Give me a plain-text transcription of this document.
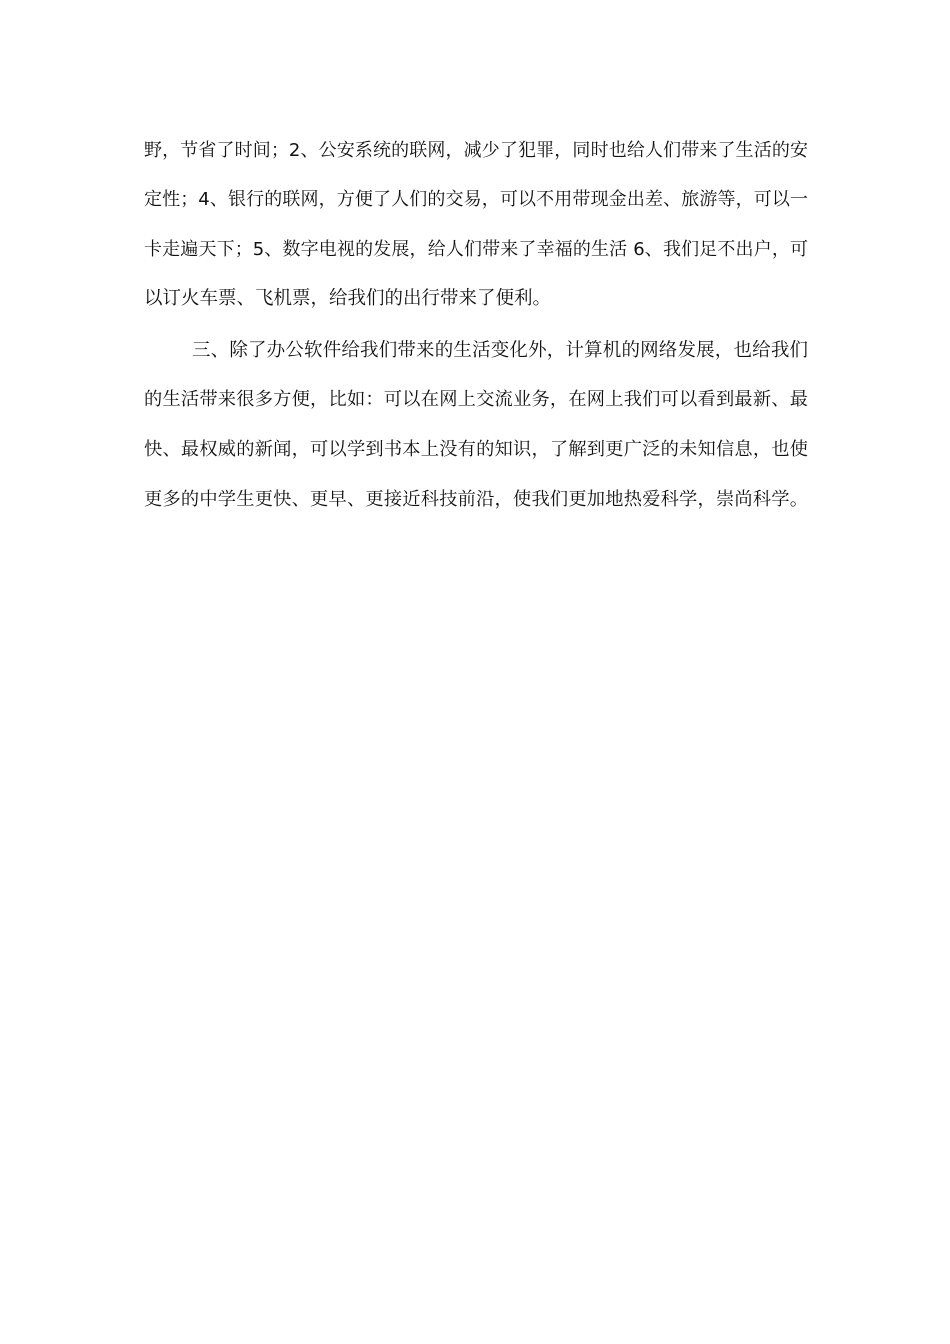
野，节省了时间；2、公安系统的联网，减少了犯罪，同时也给人们带来了生活的安
定性；4、银行的联网，方便了人们的交易，可以不用带现金出差、旅游等，可以一
卡走遍天下；5、数字电视的发展，给人们带来了幸福的生活 6、我们足不出户，可
以订火车票、飞机票，给我们的出行带来了便利。
三、除了办公软件给我们带来的生活变化外，计算机的网络发展，也给我们
的生活带来很多方便，比如：可以在网上交流业务，在网上我们可以看到最新、最
快、最权威的新闻，可以学到书本上没有的知识，了解到更广泛的未知信息，也使
更多的中学生更快、更早、更接近科技前沿，使我们更加地热爱科学，崇尚科学。
